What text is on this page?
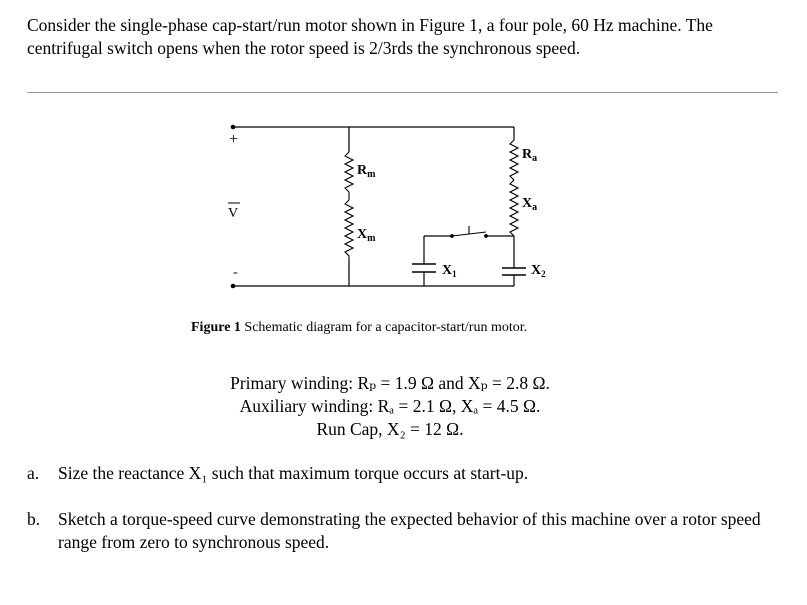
Consider the single-phase cap-start/run motor shown in Figure 1, a four pole, 60 Hz machine. The centrifugal switch opens when the rotor speed is 2/3rds the synchronous speed.

+
V
-
$R_m$
$X_m$
$R_a$
$X_a$
$X_1$	$X_2$
Figure 1 Schematic diagram for a capacitor-start/run motor.
Primary winding: Rₚ = 1.9 Ω and Xₚ = 2.8 Ω.
Auxiliary winding: Rₐ = 2.1 Ω, Xₐ = 4.5 Ω.
Run Cap, X₂ = 12 Ω.
a. Size the reactance X₁ such that maximum torque occurs at start-up.
b. Sketch a torque-speed curve demonstrating the expected behavior of this machine over a rotor speed range from zero to synchronous speed.
